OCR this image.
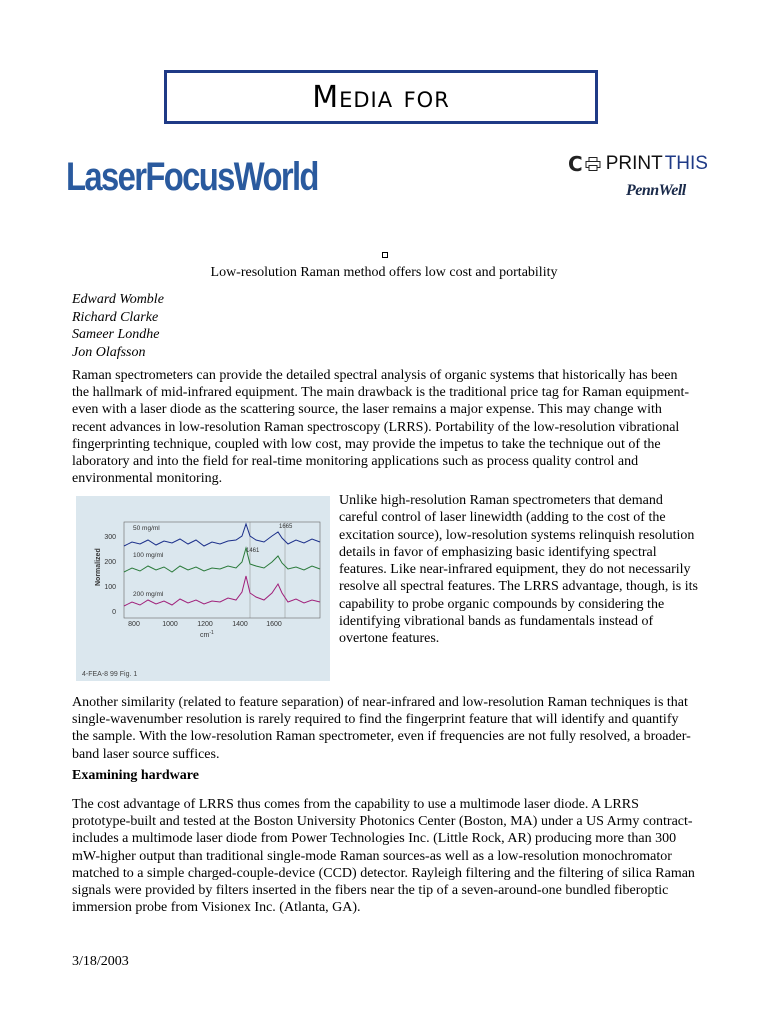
Media for
LaserFocusWorld	C PRINT THIS
PennWell
Low-resolution Raman method offers low cost and portability
Edward Womble
Richard Clarke
Sameer Londhe
Jon Olafsson
Raman spectrometers can provide the detailed spectral analysis of organic systems that historically has been the hallmark of mid-infrared equipment. The main drawback is the traditional price tag for Raman equipment-even with a laser diode as the scattering source, the laser remains a major expense. This may change with recent advances in low-resolution Raman spectroscopy (LRRS). Portability of the low-resolution vibrational fingerprinting technique, coupled with low cost, may provide the impetus to take the technique out of the laboratory and into the field for real-time monitoring applications such as process quality control and environmental monitoring.
Normalized
300
200
100
0
800	1000	1200	1400	1600
$cm^{-1}$
50 mg/ml
100 mg/ml
200 mg/ml
1461
1665
4-FEA-8 99 Fig. 1
Unlike high-resolution Raman spectrometers that demand careful control of laser linewidth (adding to the cost of the excitation source), low-resolution systems relinquish resolution details in favor of emphasizing basic identifying spectral features. Like near-infrared equipment, they do not necessarily resolve all spectral features. The LRRS advantage, though, is its capability to probe organic compounds by considering the identifying vibrational bands as fundamentals instead of overtone features.
Another similarity (related to feature separation) of near-infrared and low-resolution Raman techniques is that single-wavenumber resolution is rarely required to find the fingerprint feature that will identify and quantify the sample. With the low-resolution Raman spectrometer, even if frequencies are not fully resolved, a broader-band laser source suffices.
Examining hardware
The cost advantage of LRRS thus comes from the capability to use a multimode laser diode. A LRRS prototype-built and tested at the Boston University Photonics Center (Boston, MA) under a US Army contract-includes a multimode laser diode from Power Technologies Inc. (Little Rock, AR) producing more than 300 mW-higher output than traditional single-mode Raman sources-as well as a low-resolution monochromator matched to a simple charged-couple-device (CCD) detector. Rayleigh filtering and the filtering of silica Raman signals were provided by filters inserted in the fibers near the tip of a seven-around-one bundled fiberoptic immersion probe from Visionex Inc. (Atlanta, GA).
3/18/2003
